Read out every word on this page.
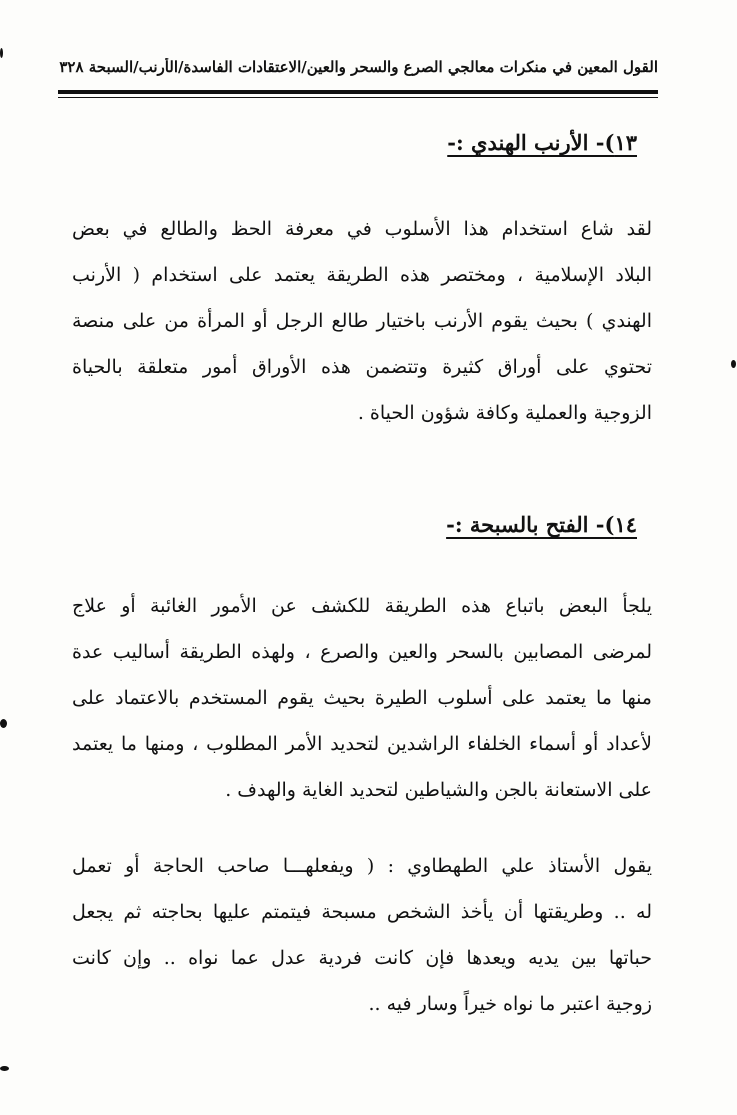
القول المعين في منكرات معالجي الصرع والسحر والعين/الاعتقادات الفاسدة/الأرنب/السبحة ٣٢٨
١٣)- الأرنب الهندي :-
لقد شاع استخدام هذا الأسلوب في معرفة الحظ والطالع في بعض
البلاد الإسلامية ، ومختصر هذه الطريقة يعتمد على استخدام ( الأرنب
الهندي ) بحيث يقوم الأرنب باختيار طالع الرجل أو المرأة من على منصة
تحتوي على أوراق كثيرة وتتضمن هذه الأوراق أمور متعلقة بالحياة
الزوجية والعملية وكافة شؤون الحياة .
١٤)- الفتح بالسبحة :-
يلجأ البعض باتباع هذه الطريقة للكشف عن الأمور الغائبة أو علاج
لمرضى المصابين بالسحر والعين والصرع ، ولهذه الطريقة أساليب عدة
منها ما يعتمد على أسلوب الطيرة بحيث يقوم المستخدم بالاعتماد على
لأعداد أو أسماء الخلفاء الراشدين لتحديد الأمر المطلوب ، ومنها ما يعتمد
على الاستعانة بالجن والشياطين لتحديد الغاية والهدف .
يقول الأستاذ علي الطهطاوي : ( ويفعلهـــا صاحب الحاجة أو تعمل
له .. وطريقتها أن يأخذ الشخص مسبحة فيتمتم عليها بحاجته ثم يجعل
حباتها بين يديه ويعدها فإن كانت فردية عدل عما نواه .. وإن كانت
زوجية اعتبر ما نواه خيراً وسار فيه ..
